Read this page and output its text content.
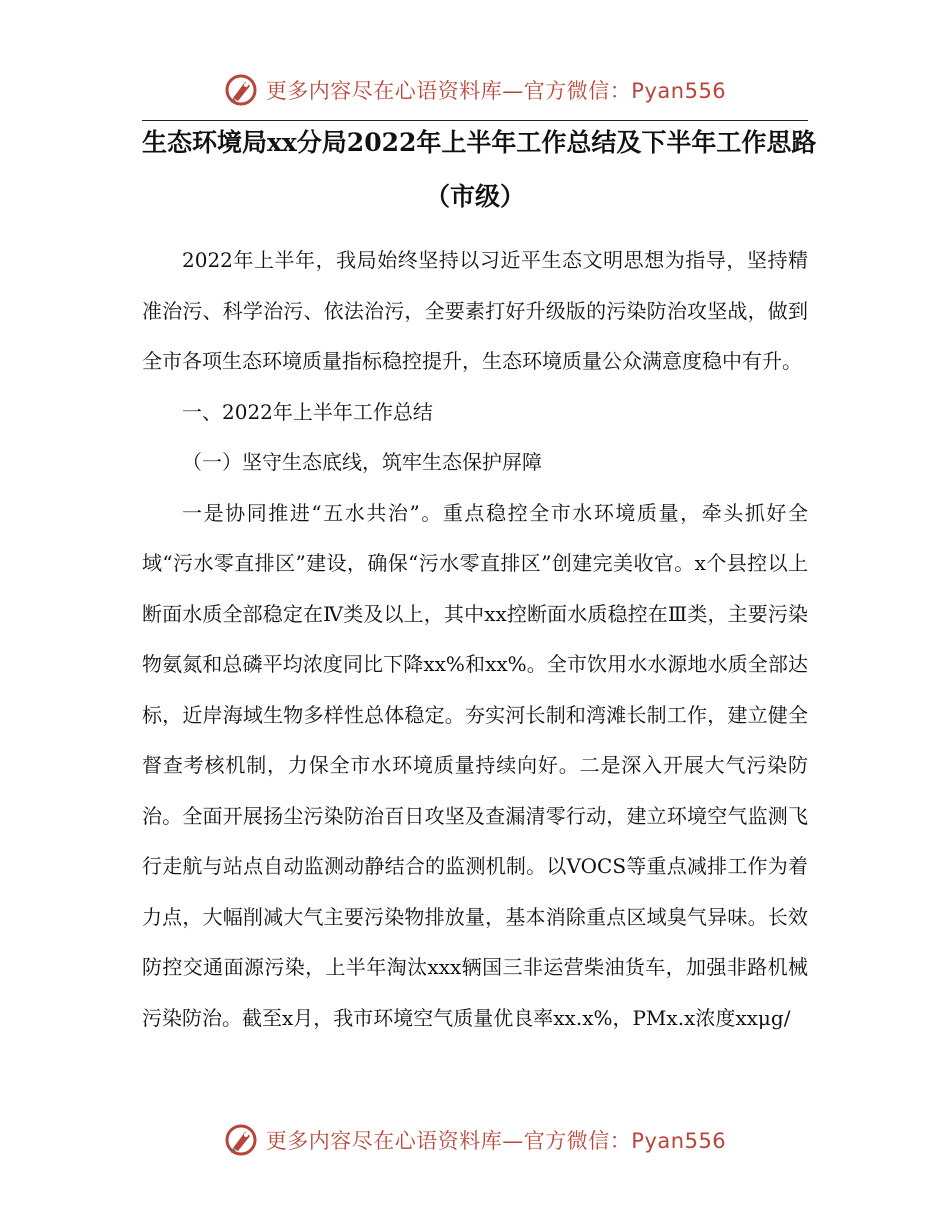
更多内容尽在心语资料库—官方微信：Pyan556
生态环境局xx分局2022年上半年工作总结及下半年工作思路
（市级）

2022年上半年，我局始终坚持以习近平生态文明思想为指导，坚持精准治污、科学治污、依法治污，全要素打好升级版的污染防治攻坚战，做到全市各项生态环境质量指标稳控提升，生态环境质量公众满意度稳中有升。

一、2022年上半年工作总结

（一）坚守生态底线，筑牢生态保护屏障

一是协同推进“五水共治”。重点稳控全市水环境质量，牵头抓好全域“污水零直排区”建设，确保“污水零直排区”创建完美收官。x个县控以上断面水质全部稳定在Ⅳ类及以上，其中xx控断面水质稳控在Ⅲ类，主要污染物氨氮和总磷平均浓度同比下降xx%和xx%。全市饮用水水源地水质全部达标，近岸海域生物多样性总体稳定。夯实河长制和湾滩长制工作，建立健全督查考核机制，力保全市水环境质量持续向好。二是深入开展大气污染防治。全面开展扬尘污染防治百日攻坚及查漏清零行动，建立环境空气监测飞行走航与站点自动监测动静结合的监测机制。以VOCS等重点减排工作为着力点，大幅削减大气主要污染物排放量，基本消除重点区域臭气异味。长效防控交通面源污染，上半年淘汰xxx辆国三非运营柴油货车，加强非路机械污染防治。截至x月，我市环境空气质量优良率xx.x%，PMx.x浓度xxμg/

更多内容尽在心语资料库—官方微信：Pyan556
